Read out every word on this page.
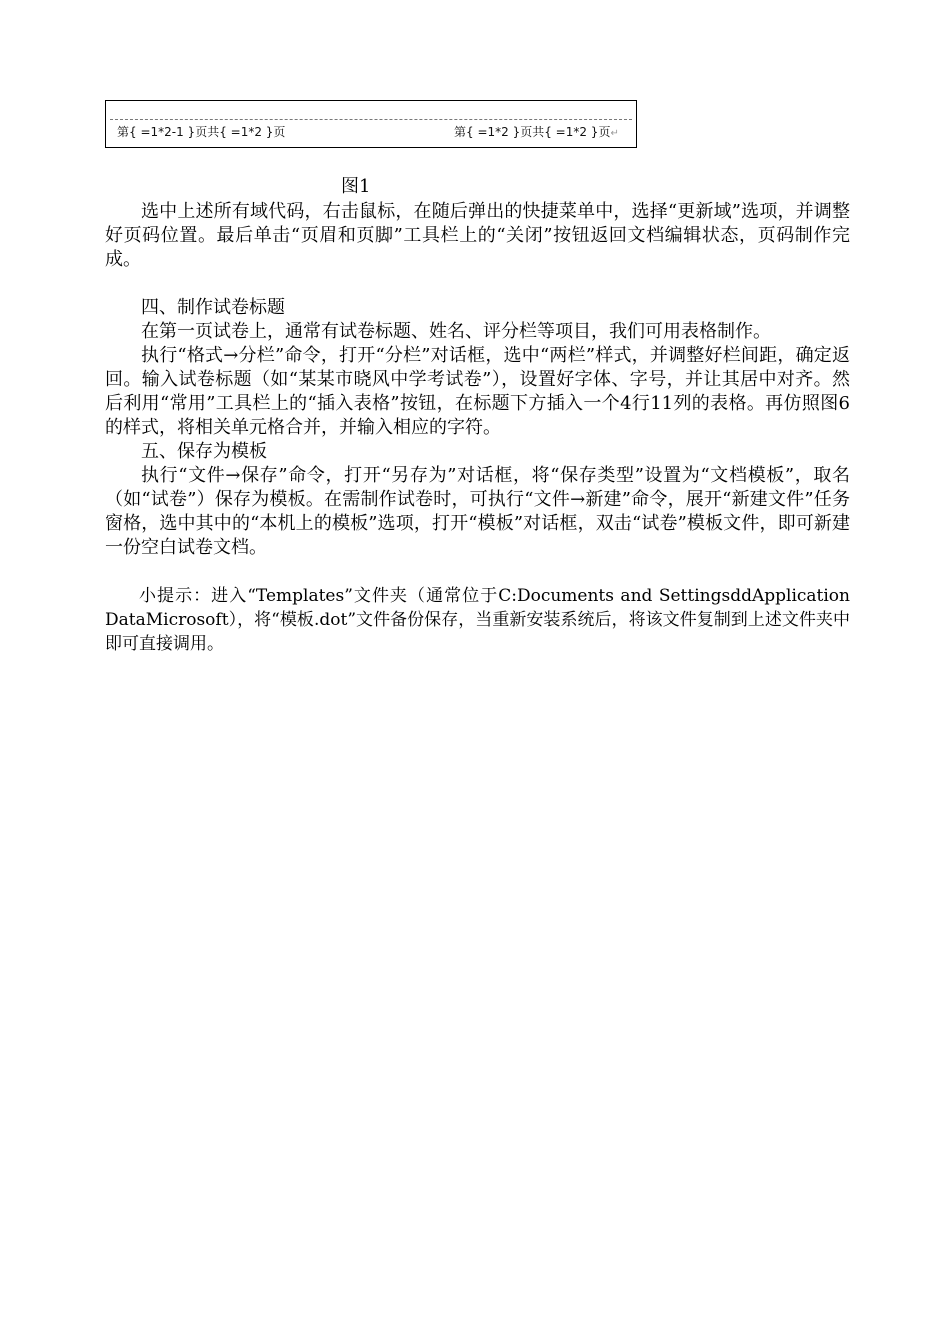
第{ =1*2-1 }页共{ =1*2 }页	第{ =1*2 }页共{ =1*2 }页↵
图1

选中上述所有域代码，右击鼠标，在随后弹出的快捷菜单中，选择“更新域”选项，并调整好页码位置。最后单击“页眉和页脚”工具栏上的“关闭”按钮返回文档编辑状态，页码制作完成。

四、制作试卷标题

在第一页试卷上，通常有试卷标题、姓名、评分栏等项目，我们可用表格制作。

执行“格式→分栏”命令，打开“分栏”对话框，选中“两栏”样式，并调整好栏间距，确定返回。输入试卷标题（如“某某市晓风中学考试卷”），设置好字体、字号，并让其居中对齐。然后利用“常用”工具栏上的“插入表格”按钮，在标题下方插入一个4行11列的表格。再仿照图6的样式，将相关单元格合并，并输入相应的字符。

五、保存为模板

执行“文件→保存”命令，打开“另存为”对话框，将“保存类型”设置为“文档模板”，取名（如“试卷”）保存为模板。在需制作试卷时，可执行“文件→新建”命令，展开“新建文件”任务窗格，选中其中的“本机上的模板”选项，打开“模板”对话框，双击“试卷”模板文件，即可新建一份空白试卷文档。

小提示：进入“Templates”文件夹（通常位于C:Documents and SettingsddApplication DataMicrosoft），将“模板.dot”文件备份保存，当重新安装系统后，将该文件复制到上述文件夹中即可直接调用。
